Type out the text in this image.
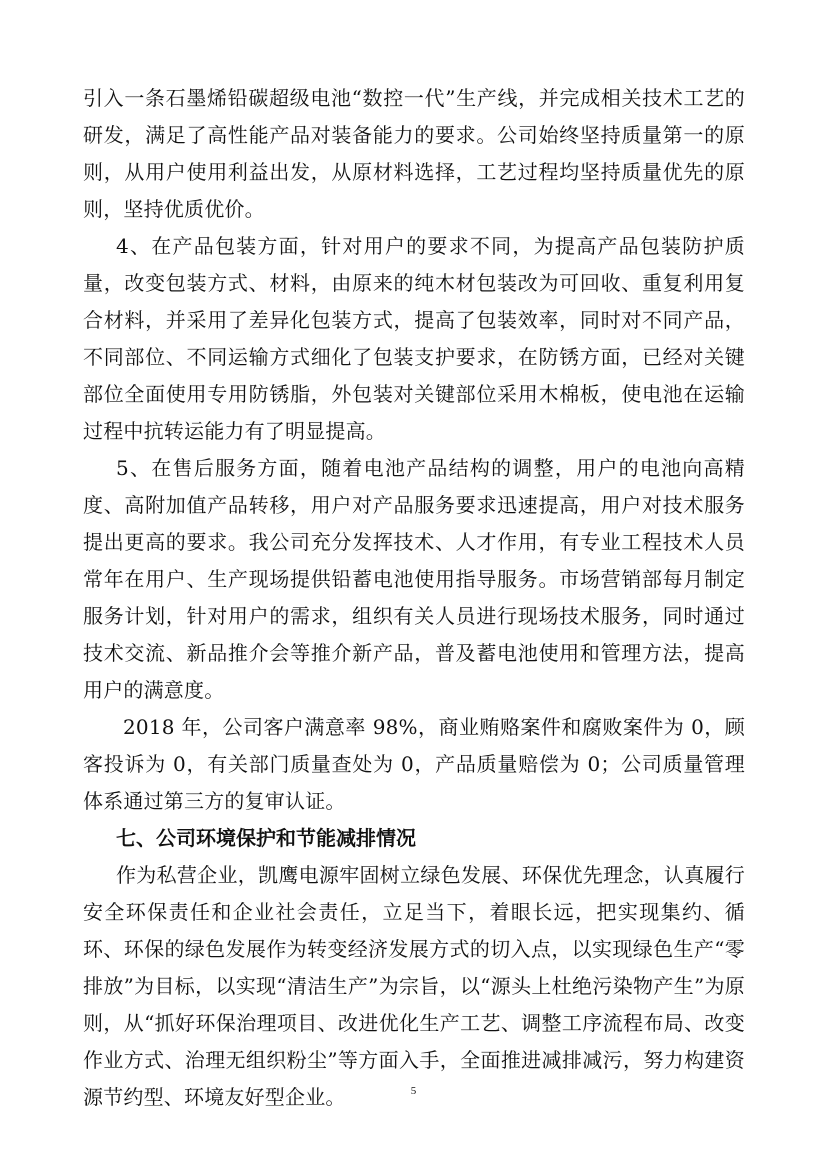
引入一条石墨烯铅碳超级电池“数控一代”生产线，并完成相关技术工艺的研发，满足了高性能产品对装备能力的要求。公司始终坚持质量第一的原则，从用户使用利益出发，从原材料选择，工艺过程均坚持质量优先的原则，坚持优质优价。

4、在产品包装方面，针对用户的要求不同，为提高产品包装防护质量，改变包装方式、材料，由原来的纯木材包装改为可回收、重复利用复合材料，并采用了差异化包装方式，提高了包装效率，同时对不同产品，不同部位、不同运输方式细化了包装支护要求，在防锈方面，已经对关键部位全面使用专用防锈脂，外包装对关键部位采用木棉板，使电池在运输过程中抗转运能力有了明显提高。

5、在售后服务方面，随着电池产品结构的调整，用户的电池向高精度、高附加值产品转移，用户对产品服务要求迅速提高，用户对技术服务提出更高的要求。我公司充分发挥技术、人才作用，有专业工程技术人员常年在用户、生产现场提供铅蓄电池使用指导服务。市场营销部每月制定服务计划，针对用户的需求，组织有关人员进行现场技术服务，同时通过技术交流、新品推介会等推介新产品，普及蓄电池使用和管理方法，提高用户的满意度。

2018 年，公司客户满意率 98%，商业贿赂案件和腐败案件为 0，顾客投诉为 0，有关部门质量查处为 0，产品质量赔偿为 0；公司质量管理体系通过第三方的复审认证。

七、公司环境保护和节能减排情况

作为私营企业，凯鹰电源牢固树立绿色发展、环保优先理念，认真履行安全环保责任和企业社会责任，立足当下，着眼长远，把实现集约、循环、环保的绿色发展作为转变经济发展方式的切入点，以实现绿色生产“零排放”为目标，以实现“清洁生产”为宗旨，以“源头上杜绝污染物产生”为原则，从“抓好环保治理项目、改进优化生产工艺、调整工序流程布局、改变作业方式、治理无组织粉尘”等方面入手，全面推进减排减污，努力构建资源节约型、环境友好型企业。	5
